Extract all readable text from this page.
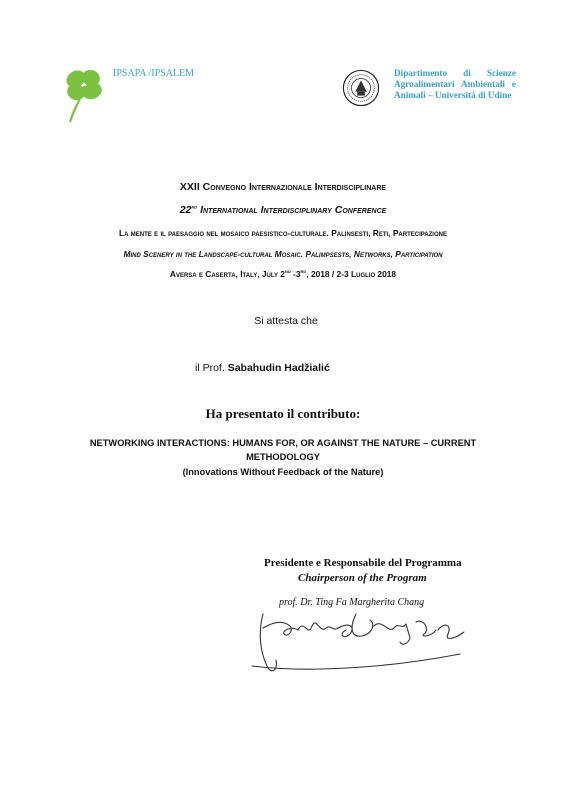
IPSAPA /IPSALEM	Dipartimento di Scienze Agroalimentari Ambientali e Animali – Università di Udine
XXII Convegno Internazionale Interdisciplinare
22nd International Interdisciplinary Conference
La mente e il paesaggio nel mosaico paesistico-culturale. Palinsesti, Reti, Partecipazione
Mind Scenery in the Landscape-cultural Mosaic. Palimpsests, Networks, Participation
Aversa e Caserta, Italy, July 2nd -3rd, 2018 / 2-3 Luglio 2018
Si attesta che
il Prof. Sabahudin Hadžialić
Ha presentato il contributo:
NETWORKING INTERACTIONS: HUMANS FOR, OR AGAINST THE NATURE – CURRENT
METHODOLOGY
(Innovations Without Feedback of the Nature)
Presidente e Responsabile del Programma
Chairperson of the Program
prof. Dr. Ting Fa Margherita Chang
